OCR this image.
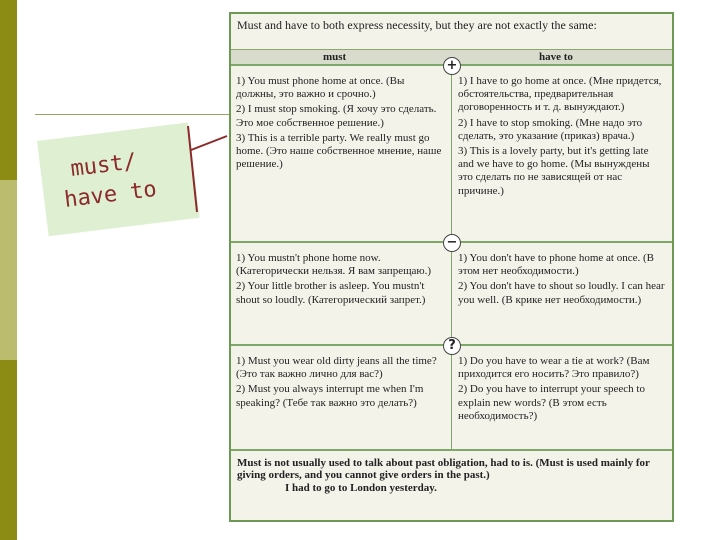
must/
have to
Must and have to both express necessity, but they are not exactly the same:
must	have to
+
1) You must phone home at once. (Вы должны, это важно и срочно.)
2) I must stop smoking. (Я хочу это сделать. Это мое собственное решение.)
3) This is a terrible party. We really must go home. (Это наше собственное мнение, наше решение.)
1) I have to go home at once. (Мне придется, обстоятельства, предварительная договоренность и т. д. вынуждают.)
2) I have to stop smoking. (Мне надо это сделать, это указание (приказ) врача.)
3) This is a lovely party, but it's getting late and we have to go home. (Мы вынуждены это сделать по не зависящей от нас причине.)
−
1) You mustn't phone home now. (Категорически нельзя. Я вам запрещаю.)
2) Your little brother is asleep. You mustn't shout so loudly. (Категорический запрет.)
1) You don't have to phone home at once. (В этом нет необходимости.)
2) You don't have to shout so loudly. I can hear you well. (В крике нет необходимости.)
?
1) Must you wear old dirty jeans all the time? (Это так важно лично для вас?)
2) Must you always interrupt me when I'm speaking? (Тебе так важно это делать?)
1) Do you have to wear a tie at work? (Вам приходится его носить? Это правило?)
2) Do you have to interrupt your speech to explain new words? (В этом есть необходимость?)
Must is not usually used to talk about past obligation, had to is. (Must is used mainly for giving orders, and you cannot give orders in the past.)
I had to go to London yesterday.
